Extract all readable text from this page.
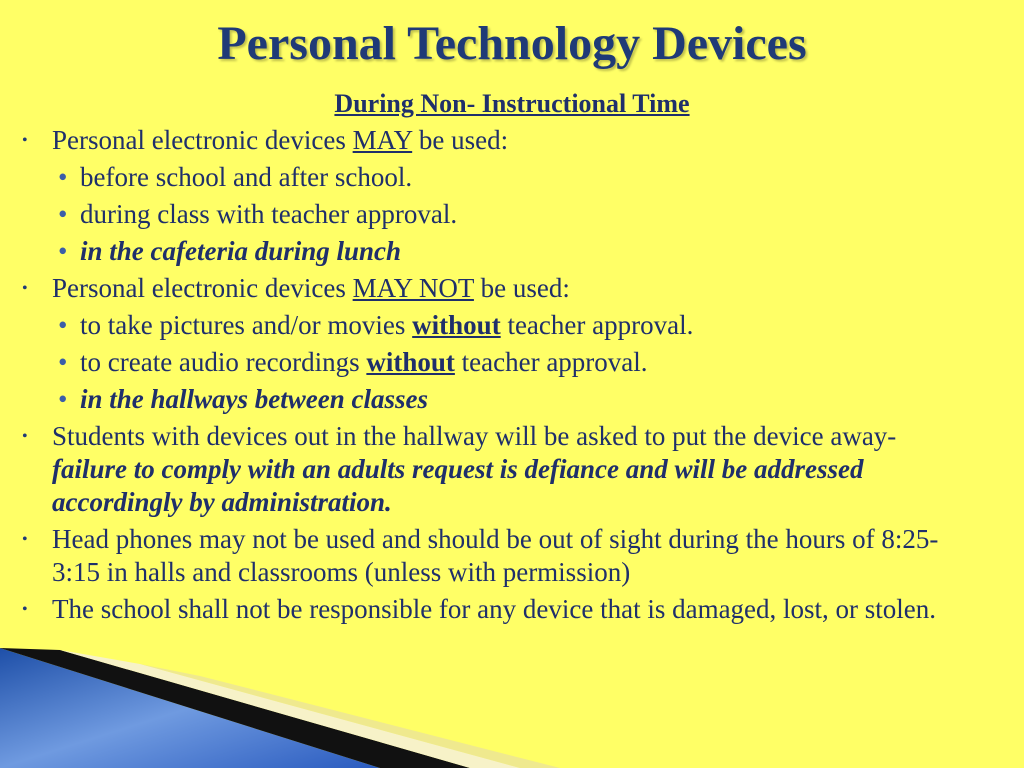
Personal Technology Devices
During Non- Instructional Time
• Personal electronic devices MAY be used:
• before school and after school.
• during class with teacher approval.
• in the cafeteria during lunch
• Personal electronic devices MAY NOT be used:
• to take pictures and/or movies without teacher approval.
• to create audio recordings without teacher approval.
• in the hallways between classes
• Students with devices out in the hallway will be asked to put the device away- failure to comply with an adults request is defiance and will be addressed accordingly by administration.
• Head phones may not be used and should be out of sight during the hours of 8:25-3:15 in halls and classrooms (unless with permission)
• The school shall not be responsible for any device that is damaged, lost, or stolen.
